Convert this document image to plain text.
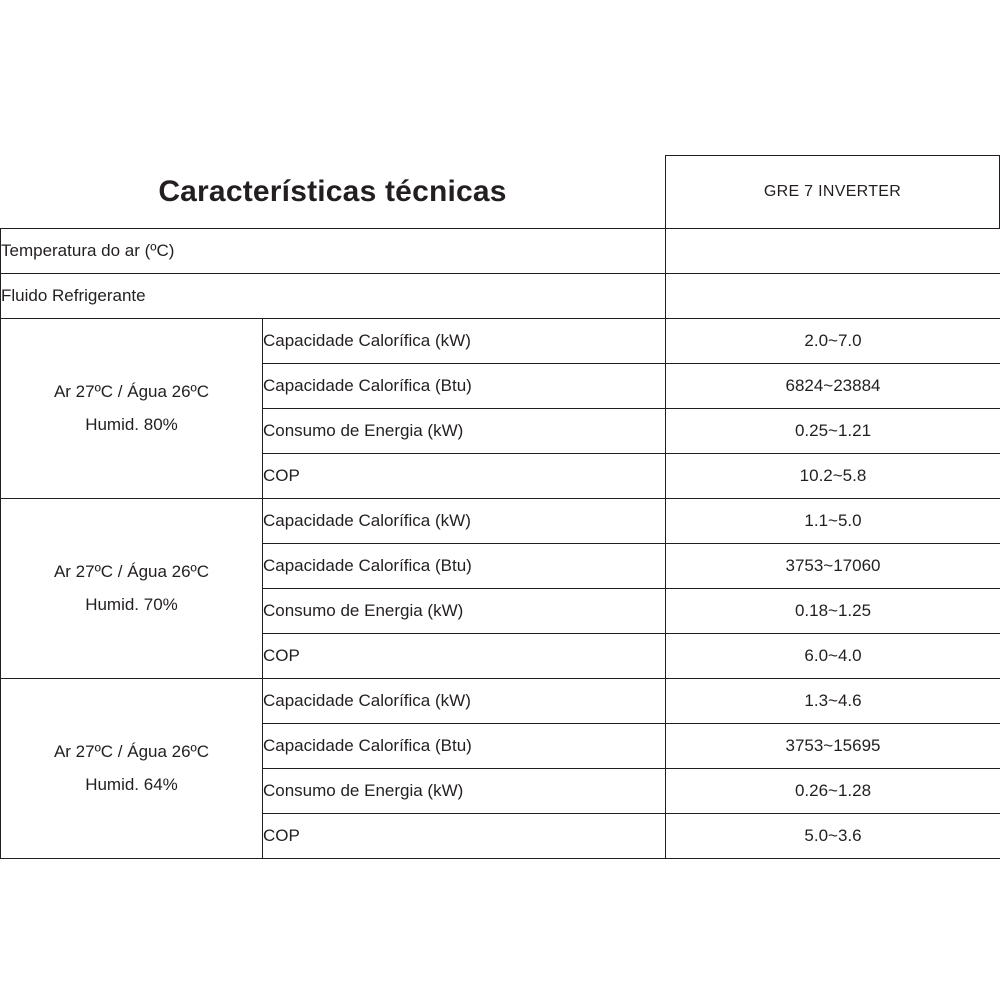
Características técnicas	GRE 7 INVERTER
Temperatura do ar (ºC)		
Fluido Refrigerante		

Ar 27ºC / Água 26ºC
Humid. 80%	Capacidade Calorífica (kW)	2.0~7.0
	Capacidade Calorífica (Btu)	6824~23884
	Consumo de Energia (kW)	0.25~1.21
	COP	10.2~5.8

Ar 27ºC / Água 26ºC
Humid. 70%	Capacidade Calorífica (kW)	1.1~5.0
	Capacidade Calorífica (Btu)	3753~17060
	Consumo de Energia (kW)	0.18~1.25
	COP	6.0~4.0

Ar 27ºC / Água 26ºC
Humid. 64%	Capacidade Calorífica (kW)	1.3~4.6
	Capacidade Calorífica (Btu)	3753~15695
	Consumo de Energia (kW)	0.26~1.28
	COP	5.0~3.6
